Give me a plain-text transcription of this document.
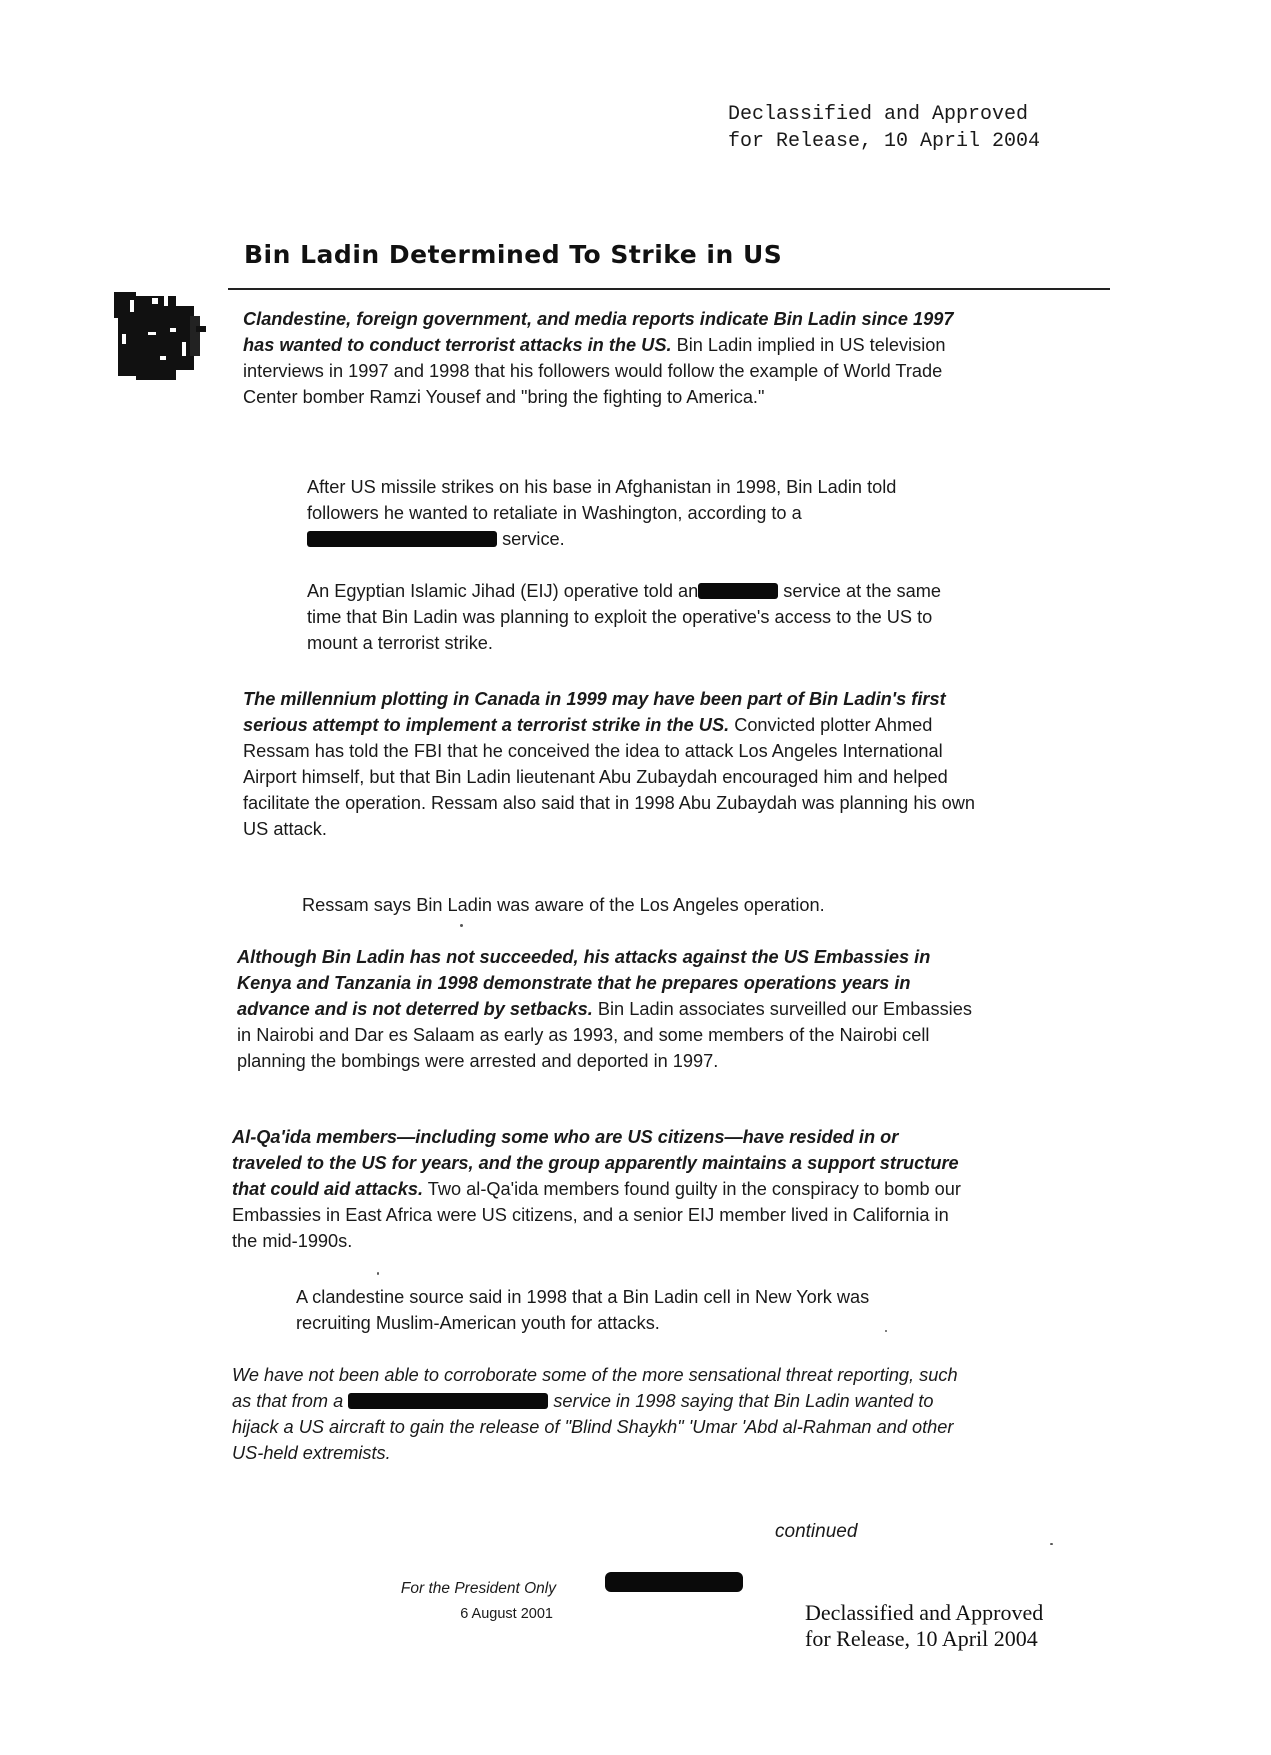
Declassified and Approved
for Release, 10 April 2004
Bin Ladin Determined To Strike in US
Clandestine, foreign government, and media reports indicate Bin Ladin since 1997 has wanted to conduct terrorist attacks in the US. Bin Ladin implied in US television interviews in 1997 and 1998 that his followers would follow the example of World Trade Center bomber Ramzi Yousef and "bring the fighting to America."
After US missile strikes on his base in Afghanistan in 1998, Bin Ladin told followers he wanted to retaliate in Washington, according to a  service.
An Egyptian Islamic Jihad (EIJ) operative told an	service at the same time that Bin Ladin was planning to exploit the operative's access to the US to mount a terrorist strike.
The millennium plotting in Canada in 1999 may have been part of Bin Ladin's first serious attempt to implement a terrorist strike in the US. Convicted plotter Ahmed Ressam has told the FBI that he conceived the idea to attack Los Angeles International Airport himself, but that Bin Ladin lieutenant Abu Zubaydah encouraged him and helped facilitate the operation. Ressam also said that in 1998 Abu Zubaydah was planning his own US attack.
Ressam says Bin Ladin was aware of the Los Angeles operation.
Although Bin Ladin has not succeeded, his attacks against the US Embassies in Kenya and Tanzania in 1998 demonstrate that he prepares operations years in advance and is not deterred by setbacks. Bin Ladin associates surveilled our Embassies in Nairobi and Dar es Salaam as early as 1993, and some members of the Nairobi cell planning the bombings were arrested and deported in 1997.
Al-Qa'ida members—including some who are US citizens—have resided in or traveled to the US for years, and the group apparently maintains a support structure that could aid attacks. Two al-Qa'ida members found guilty in the conspiracy to bomb our Embassies in East Africa were US citizens, and a senior EIJ member lived in California in the mid-1990s.
A clandestine source said in 1998 that a Bin Ladin cell in New York was recruiting Muslim-American youth for attacks.
We have not been able to corroborate some of the more sensational threat reporting, such as that from a	service in 1998 saying that Bin Ladin wanted to hijack a US aircraft to gain the release of "Blind Shaykh" 'Umar 'Abd al-Rahman and other US-held extremists.
continued
For the President Only
6 August 2001	Declassified and Approved
for Release, 10 April 2004
